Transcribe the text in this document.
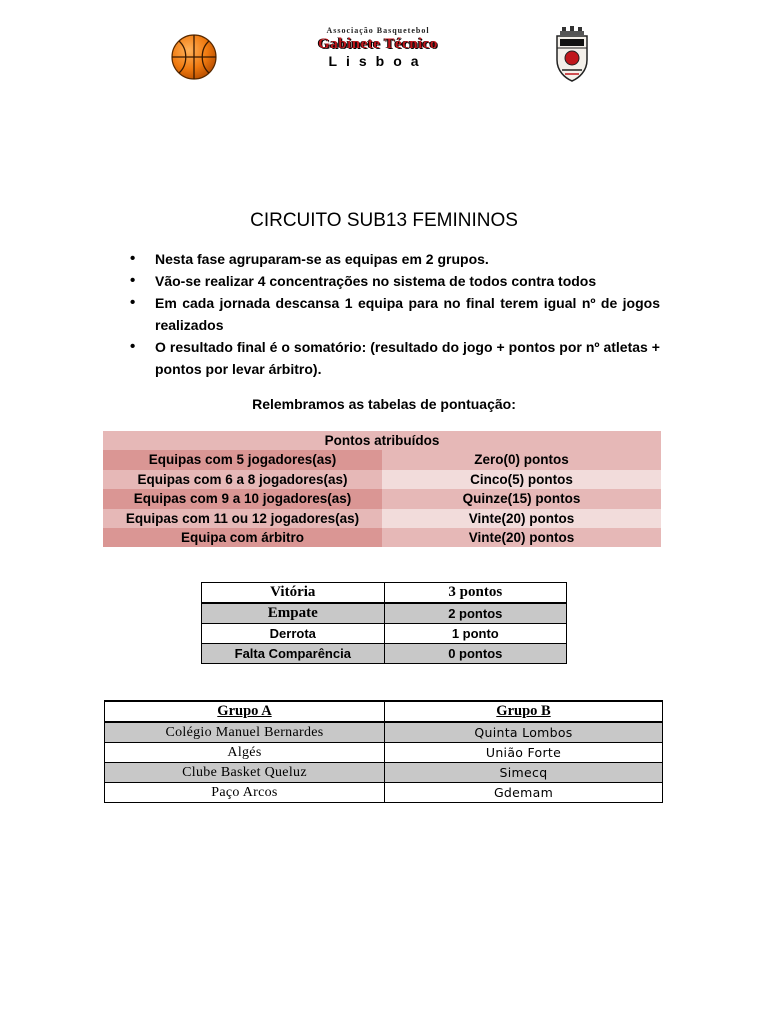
Associação Basquetebol
Gabinete Técnico
Lisboa
CIRCUITO SUB13 FEMININOS
• Nesta fase agruparam-se as equipas em 2 grupos.
• Vão-se realizar 4 concentrações no sistema de todos contra todos
• Em cada jornada descansa 1 equipa para no final terem igual nº de jogos realizados
• O resultado final é o somatório: (resultado do jogo + pontos por nº atletas + pontos por levar árbitro).
Relembramos as tabelas de pontuação:
Pontos atribuídos
Equipas com 5 jogadores(as)	Zero(0) pontos
Equipas com 6 a 8 jogadores(as)	Cinco(5) pontos
Equipas com 9 a 10 jogadores(as)	Quinze(15) pontos
Equipas com 11 ou 12 jogadores(as)	Vinte(20) pontos
Equipa com árbitro	Vinte(20) pontos
Vitória	3 pontos
Empate	2 pontos
Derrota	1 ponto
Falta Comparência	0 pontos
Grupo A	Grupo B
Colégio Manuel Bernardes	Quinta Lombos
Algés	União Forte
Clube Basket Queluz	Simecq
Paço Arcos	Gdemam
